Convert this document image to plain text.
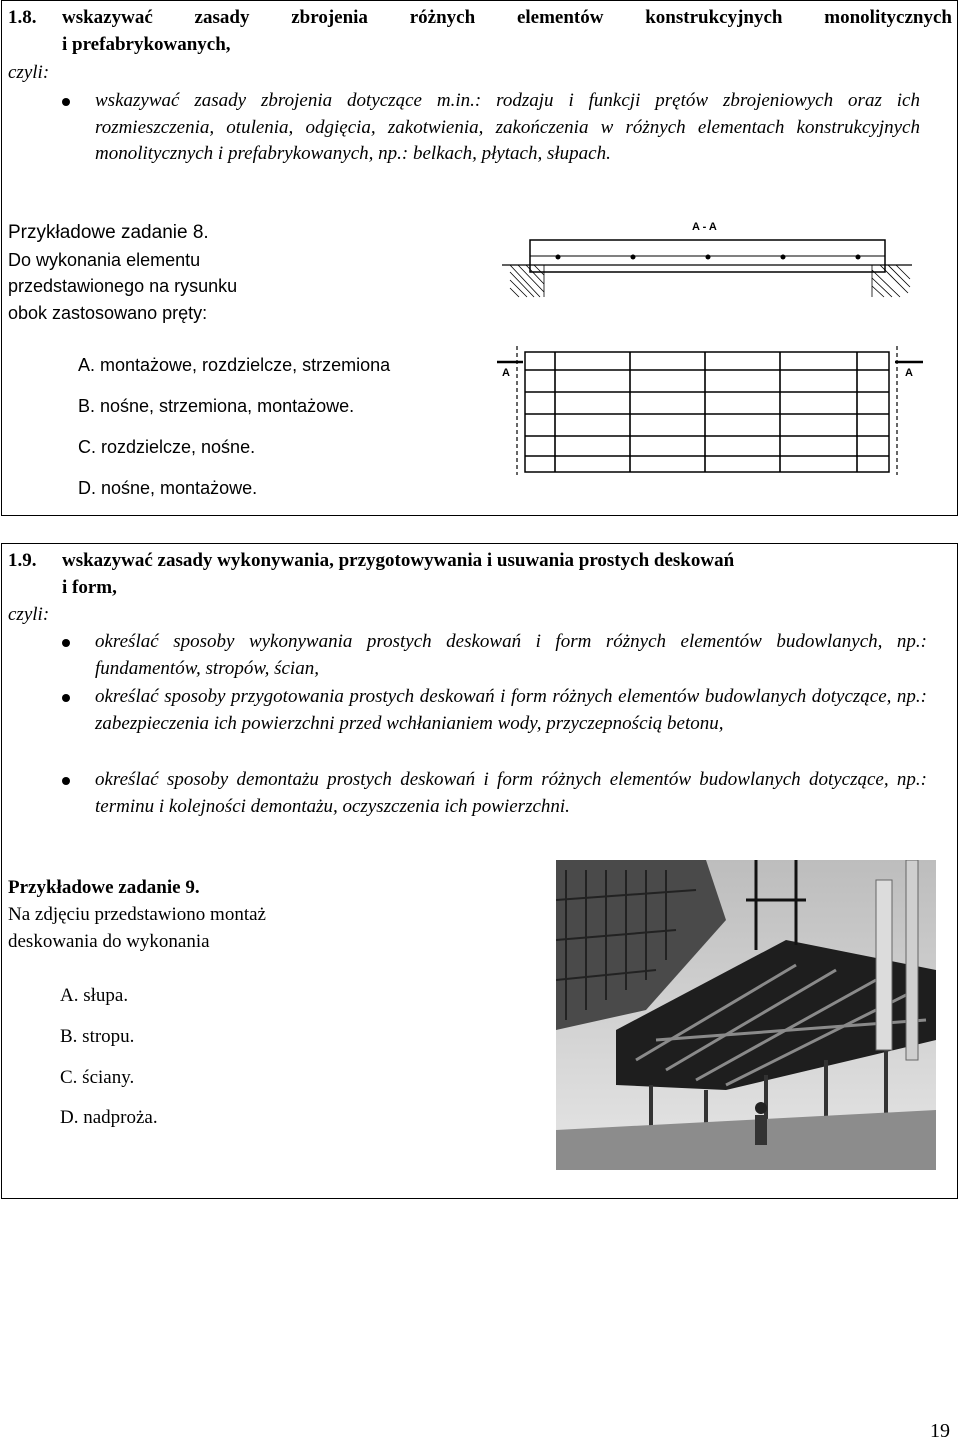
1.8. wskazywać zasady zbrojenia różnych elementów konstrukcyjnych monolitycznych
i prefabrykowanych,
czyli:
wskazywać zasady zbrojenia dotyczące m.in.: rodzaju i funkcji prętów zbrojeniowych oraz ich rozmieszczenia, otulenia, odgięcia, zakotwienia, zakończenia w różnych elementach konstrukcyjnych monolitycznych i prefabrykowanych, np.: belkach, płytach, słupach.
Przykładowe zadanie 8.
Do wykonania elementu
przedstawionego na rysunku
obok zastosowano pręty:
A. montażowe, rozdzielcze, strzemiona
B. nośne, strzemiona, montażowe.
C. rozdzielcze, nośne.
D. nośne, montażowe.
A - A
A	A
1.9. wskazywać zasady wykonywania, przygotowywania i usuwania prostych deskowań
i form,
czyli:
określać sposoby wykonywania prostych deskowań i form różnych elementów budowlanych, np.: fundamentów, stropów, ścian,
określać sposoby przygotowania prostych deskowań i form różnych elementów budowlanych dotyczące, np.: zabezpieczenia ich powierzchni przed wchłanianiem wody, przyczepnością betonu,
określać sposoby demontażu prostych deskowań i form różnych elementów budowlanych dotyczące, np.: terminu i kolejności demontażu, oczyszczenia ich powierzchni.
Przykładowe zadanie 9.
Na zdjęciu przedstawiono montaż
deskowania do wykonania
A. słupa.
B. stropu.
C. ściany.
D. nadproża.
19
